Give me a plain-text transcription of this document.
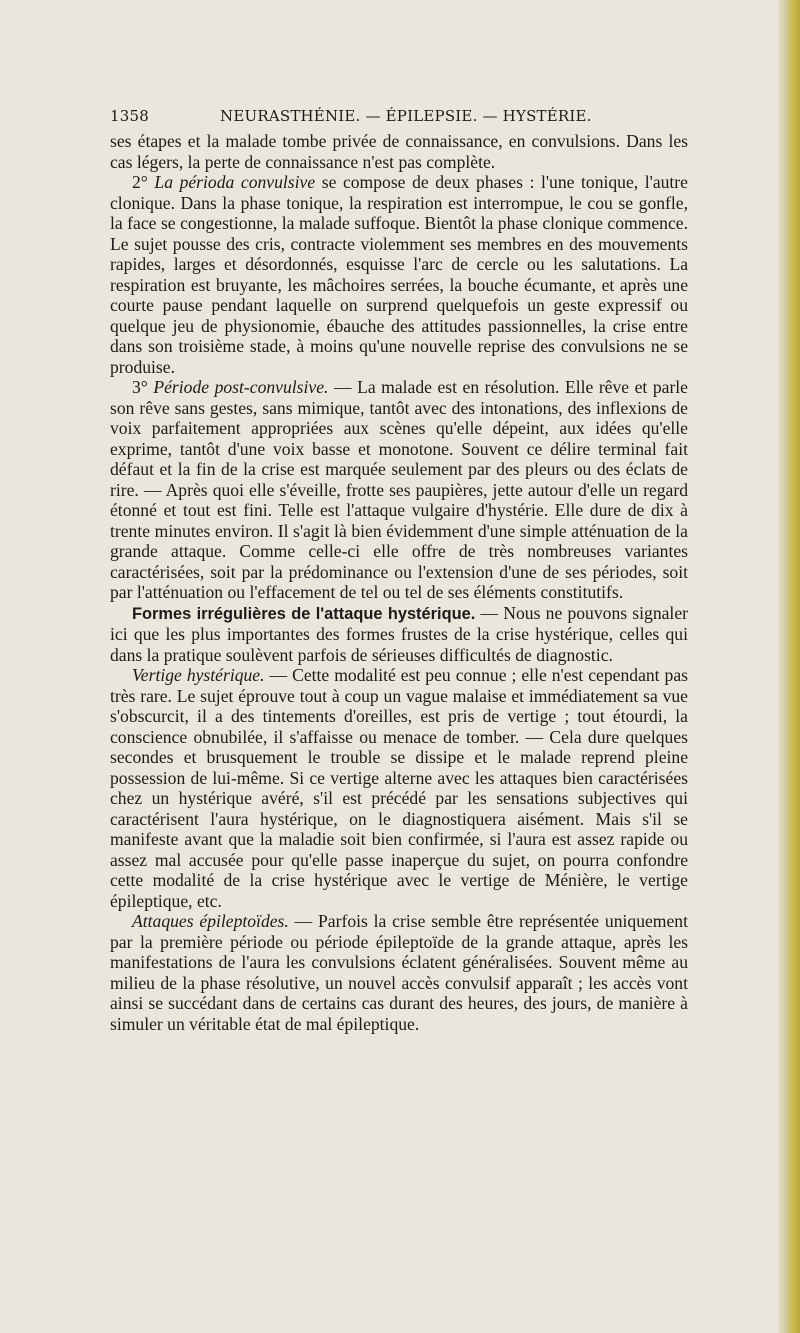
1358	NEURASTHÉNIE. — ÉPILEPSIE. — HYSTÉRIE.

ses étapes et la malade tombe privée de connaissance, en convulsions. Dans les cas légers, la perte de connaissance n'est pas complète.

2° La périoda convulsive se compose de deux phases : l'une tonique, l'autre clonique. Dans la phase tonique, la respiration est interrompue, le cou se gonfle, la face se congestionne, la malade suffoque. Bientôt la phase clonique commence. Le sujet pousse des cris, contracte violemment ses membres en des mouvements rapides, larges et désordonnés, esquisse l'arc de cercle ou les salutations. La respiration est bruyante, les mâchoires serrées, la bouche écumante, et après une courte pause pendant laquelle on surprend quelquefois un geste expressif ou quelque jeu de physionomie, ébauche des attitudes passionnelles, la crise entre dans son troisième stade, à moins qu'une nouvelle reprise des convulsions ne se produise.

3° Période post-convulsive. — La malade est en résolution. Elle rêve et parle son rêve sans gestes, sans mimique, tantôt avec des intonations, des inflexions de voix parfaitement appropriées aux scènes qu'elle dépeint, aux idées qu'elle exprime, tantôt d'une voix basse et monotone. Souvent ce délire terminal fait défaut et la fin de la crise est marquée seulement par des pleurs ou des éclats de rire. — Après quoi elle s'éveille, frotte ses paupières, jette autour d'elle un regard étonné et tout est fini. Telle est l'attaque vulgaire d'hystérie. Elle dure de dix à trente minutes environ. Il s'agit là bien évidemment d'une simple atténuation de la grande attaque. Comme celle-ci elle offre de très nombreuses variantes caractérisées, soit par la prédominance ou l'extension d'une de ses périodes, soit par l'atténuation ou l'effacement de tel ou tel de ses éléments constitutifs.

Formes irrégulières de l'attaque hystérique. — Nous ne pouvons signaler ici que les plus importantes des formes frustes de la crise hystérique, celles qui dans la pratique soulèvent parfois de sérieuses difficultés de diagnostic.

Vertige hystérique. — Cette modalité est peu connue ; elle n'est cependant pas très rare. Le sujet éprouve tout à coup un vague malaise et immédiatement sa vue s'obscurcit, il a des tintements d'oreilles, est pris de vertige ; tout étourdi, la conscience obnubilée, il s'affaisse ou menace de tomber. — Cela dure quelques secondes et brusquement le trouble se dissipe et le malade reprend pleine possession de lui-même. Si ce vertige alterne avec les attaques bien caractérisées chez un hystérique avéré, s'il est précédé par les sensations subjectives qui caractérisent l'aura hystérique, on le diagnostiquera aisément. Mais s'il se manifeste avant que la maladie soit bien confirmée, si l'aura est assez rapide ou assez mal accusée pour qu'elle passe inaperçue du sujet, on pourra confondre cette modalité de la crise hystérique avec le vertige de Ménière, le vertige épileptique, etc.

Attaques épileptoïdes. — Parfois la crise semble être représentée uniquement par la première période ou période épileptoïde de la grande attaque, après les manifestations de l'aura les convulsions éclatent généralisées. Souvent même au milieu de la phase résolutive, un nouvel accès convulsif apparaît ; les accès vont ainsi se succédant dans de certains cas durant des heures, des jours, de manière à simuler un véritable état de mal épileptique.
